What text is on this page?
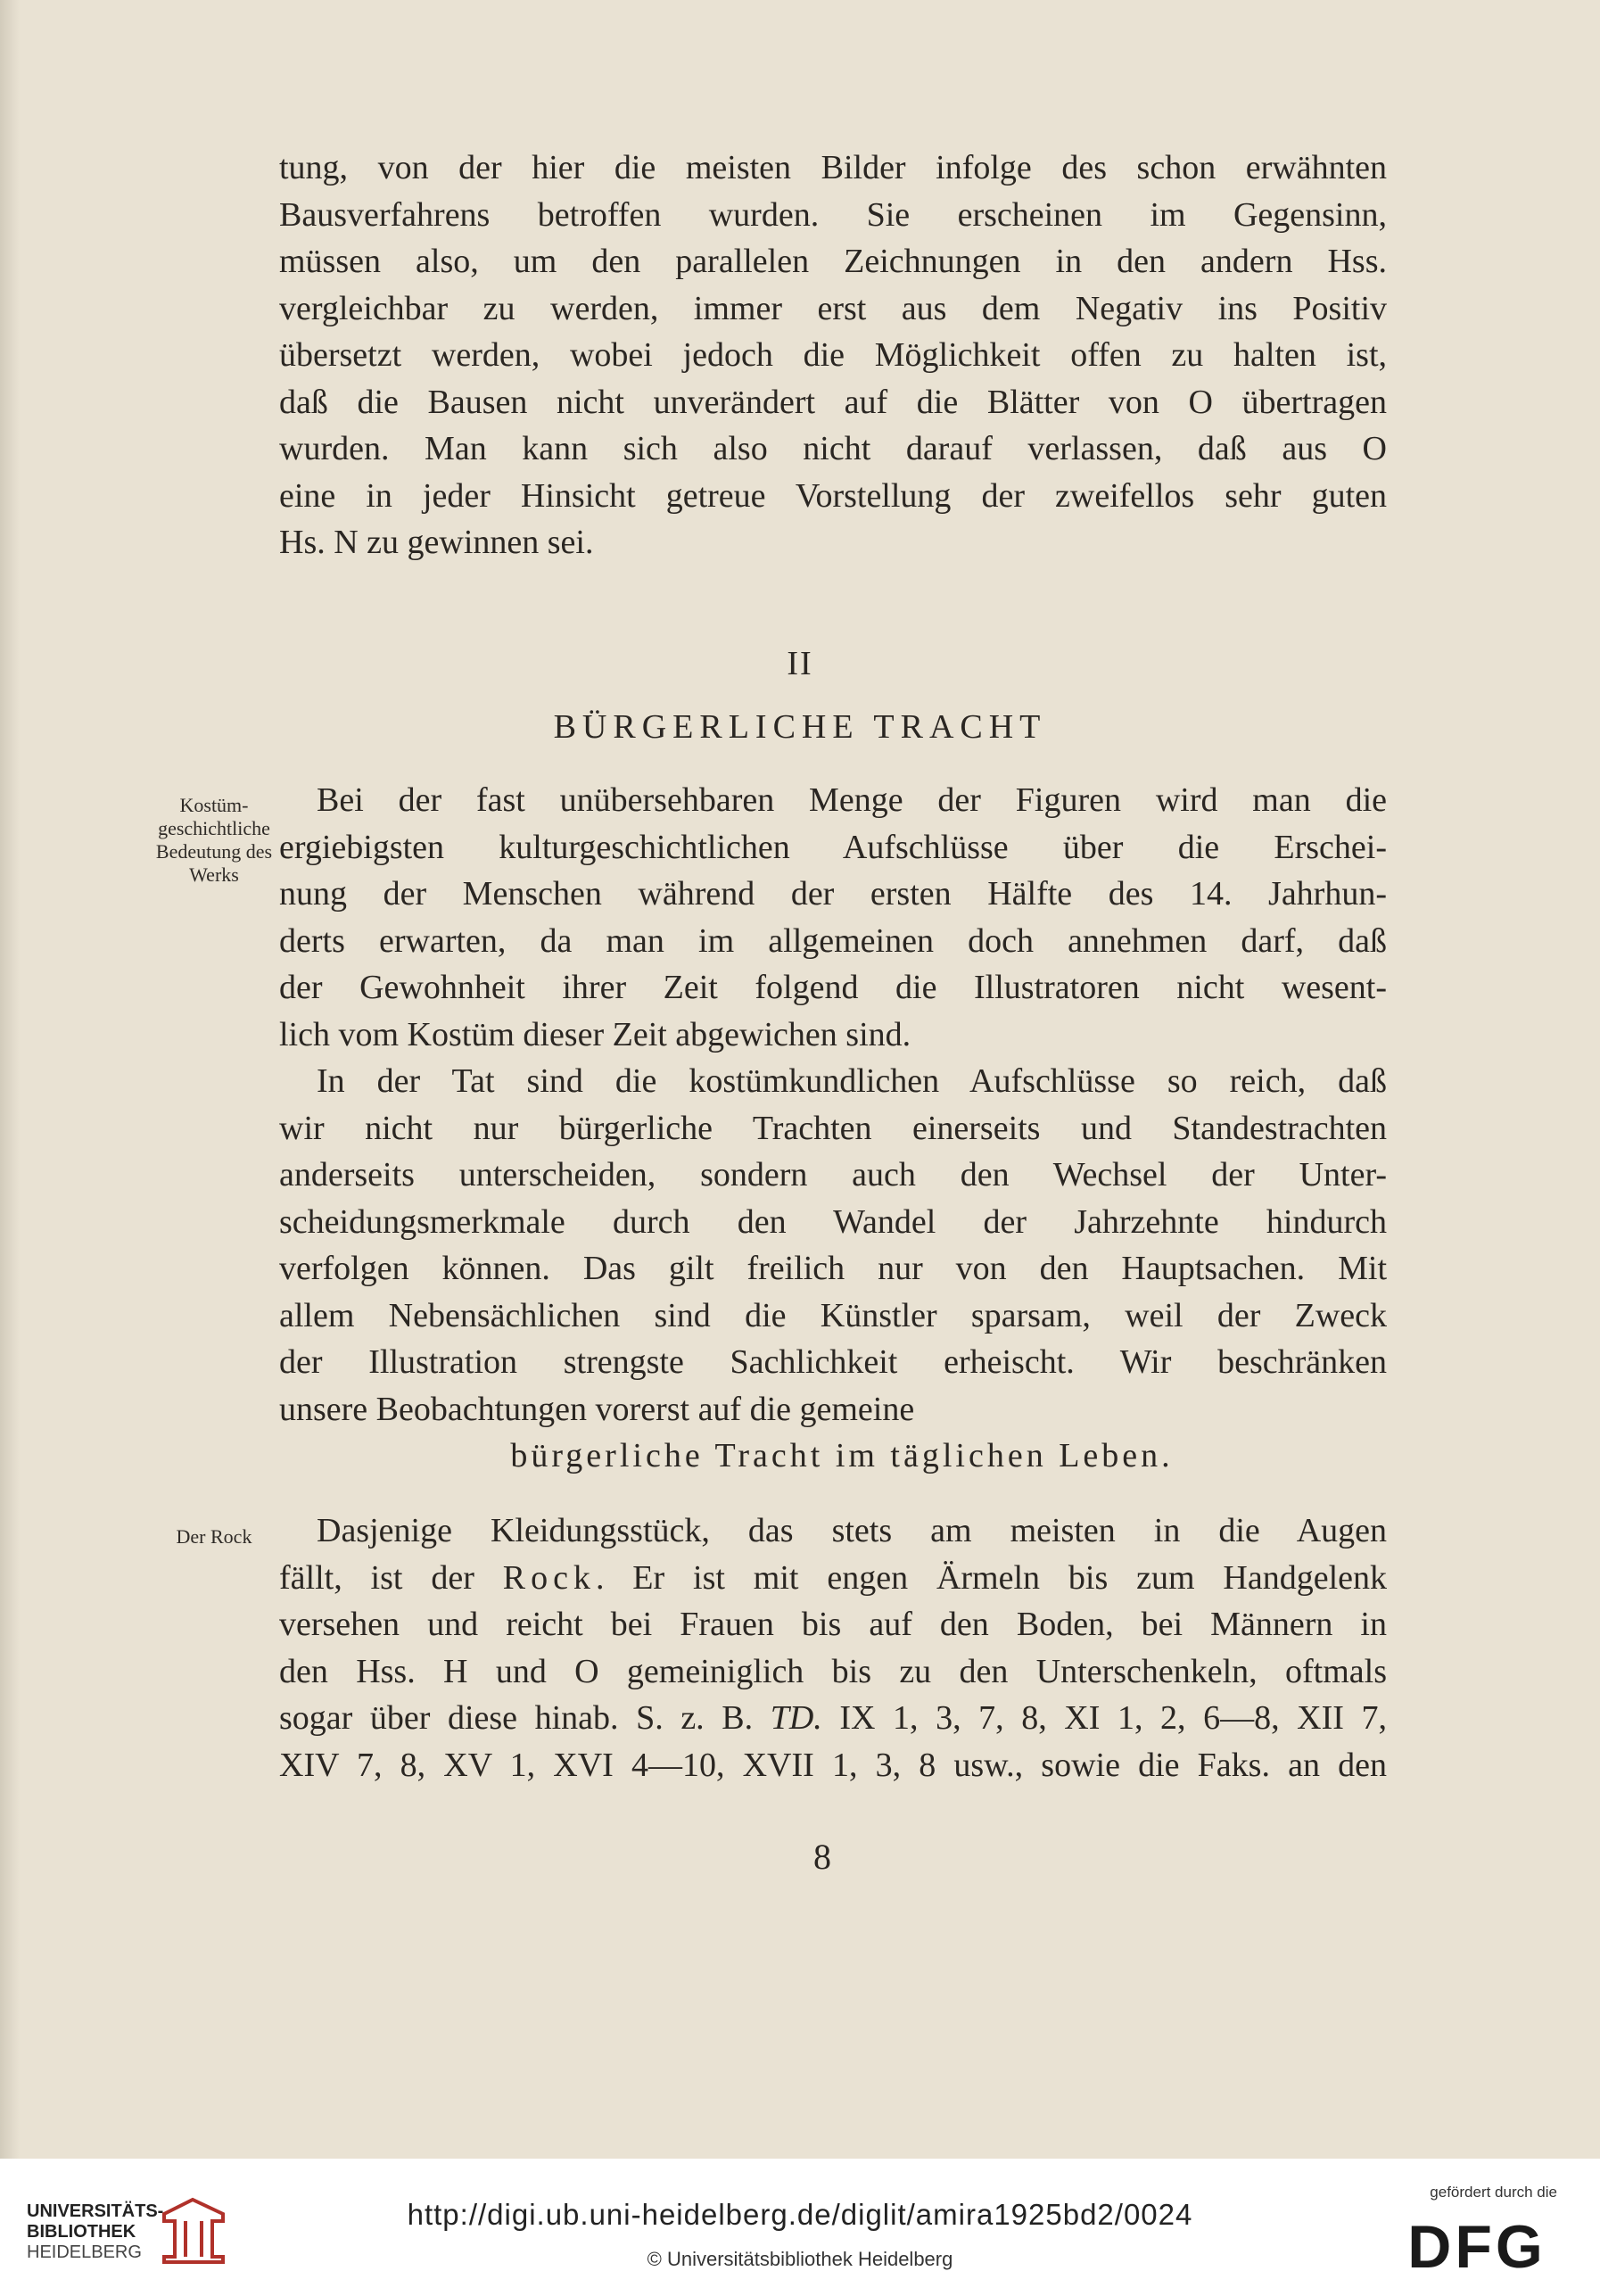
tung, von der hier die meisten Bilder infolge des schon erwähnten
Bausverfahrens betroffen wurden. Sie erscheinen im Gegensinn,
müssen also, um den parallelen Zeichnungen in den andern Hss.
vergleichbar zu werden, immer erst aus dem Negativ ins Positiv
übersetzt werden, wobei jedoch die Möglichkeit offen zu halten ist,
daß die Bausen nicht unverändert auf die Blätter von O übertragen
wurden. Man kann sich also nicht darauf verlassen, daß aus O
eine in jeder Hinsicht getreue Vorstellung der zweifellos sehr guten
Hs. N zu gewinnen sei.
II
BÜRGERLICHE TRACHT
Kostüm-
geschichtliche
Bedeutung des
Werks
Bei der fast unübersehbaren Menge der Figuren wird man die
ergiebigsten kulturgeschichtlichen Aufschlüsse über die Erschei-
nung der Menschen während der ersten Hälfte des 14. Jahrhun-
derts erwarten, da man im allgemeinen doch annehmen darf, daß
der Gewohnheit ihrer Zeit folgend die Illustratoren nicht wesent-
lich vom Kostüm dieser Zeit abgewichen sind.
In der Tat sind die kostümkundlichen Aufschlüsse so reich, daß
wir nicht nur bürgerliche Trachten einerseits und Standestrachten
anderseits unterscheiden, sondern auch den Wechsel der Unter-
scheidungsmerkmale durch den Wandel der Jahrzehnte hindurch
verfolgen können. Das gilt freilich nur von den Hauptsachen. Mit
allem Nebensächlichen sind die Künstler sparsam, weil der Zweck
der Illustration strengste Sachlichkeit erheischt. Wir beschränken
unsere Beobachtungen vorerst auf die gemeine
bürgerliche Tracht im täglichen Leben.
Der Rock	Dasjenige Kleidungsstück, das stets am meisten in die Augen
fällt, ist der Rock. Er ist mit engen Ärmeln bis zum Handgelenk
versehen und reicht bei Frauen bis auf den Boden, bei Männern in
den Hss. H und O gemeiniglich bis zu den Unterschenkeln, oftmals
sogar über diese hinab. S. z. B. TD. IX 1, 3, 7, 8, XI 1, 2, 6—8, XII 7,
XIV 7, 8, XV 1, XVI 4—10, XVII 1, 3, 8 usw., sowie die Faks. an den
8
UNIVERSITÄTS-
BIBLIOTHEK
HEIDELBERG
http://digi.ub.uni-heidelberg.de/diglit/amira1925bd2/0024
© Universitätsbibliothek Heidelberg
gefördert durch die
DFG
